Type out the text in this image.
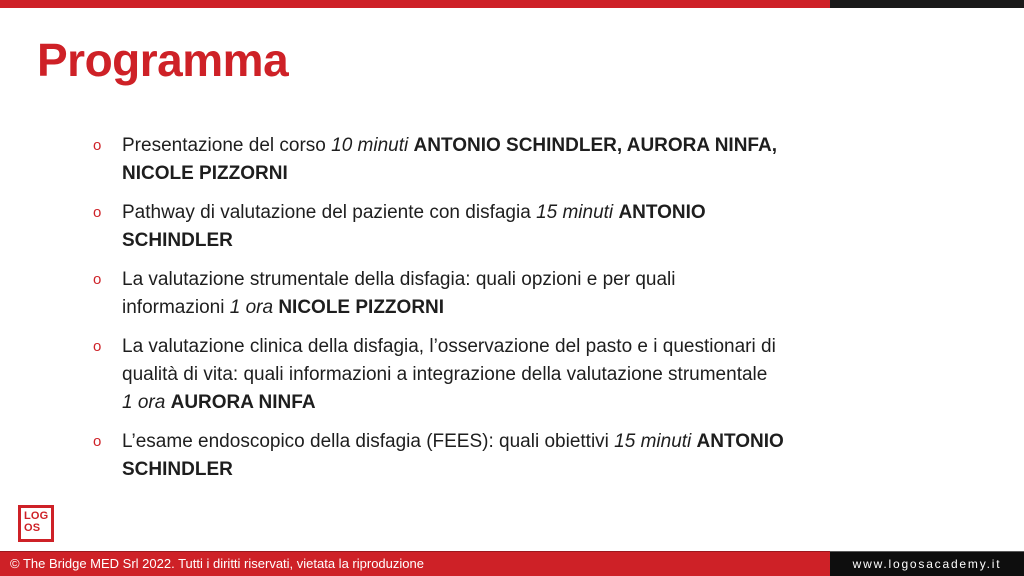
Programma
o	Presentazione del corso 10 minuti ANTONIO SCHINDLER, AURORA NINFA,
NICOLE PIZZORNI
o	Pathway di valutazione del paziente con disfagia 15 minuti ANTONIO
SCHINDLER
o	La valutazione strumentale della disfagia: quali opzioni e per quali
informazioni 1 ora NICOLE PIZZORNI
o	La valutazione clinica della disfagia, l’osservazione del pasto e i questionari di
qualità di vita: quali informazioni a integrazione della valutazione strumentale
1 ora AURORA NINFA
o	L’esame endoscopico della disfagia (FEES): quali obiettivi 15 minuti ANTONIO
SCHINDLER
LOG
OS
© The Bridge MED Srl 2022. Tutti i diritti riservati, vietata la riproduzione	www.logosacademy.it
